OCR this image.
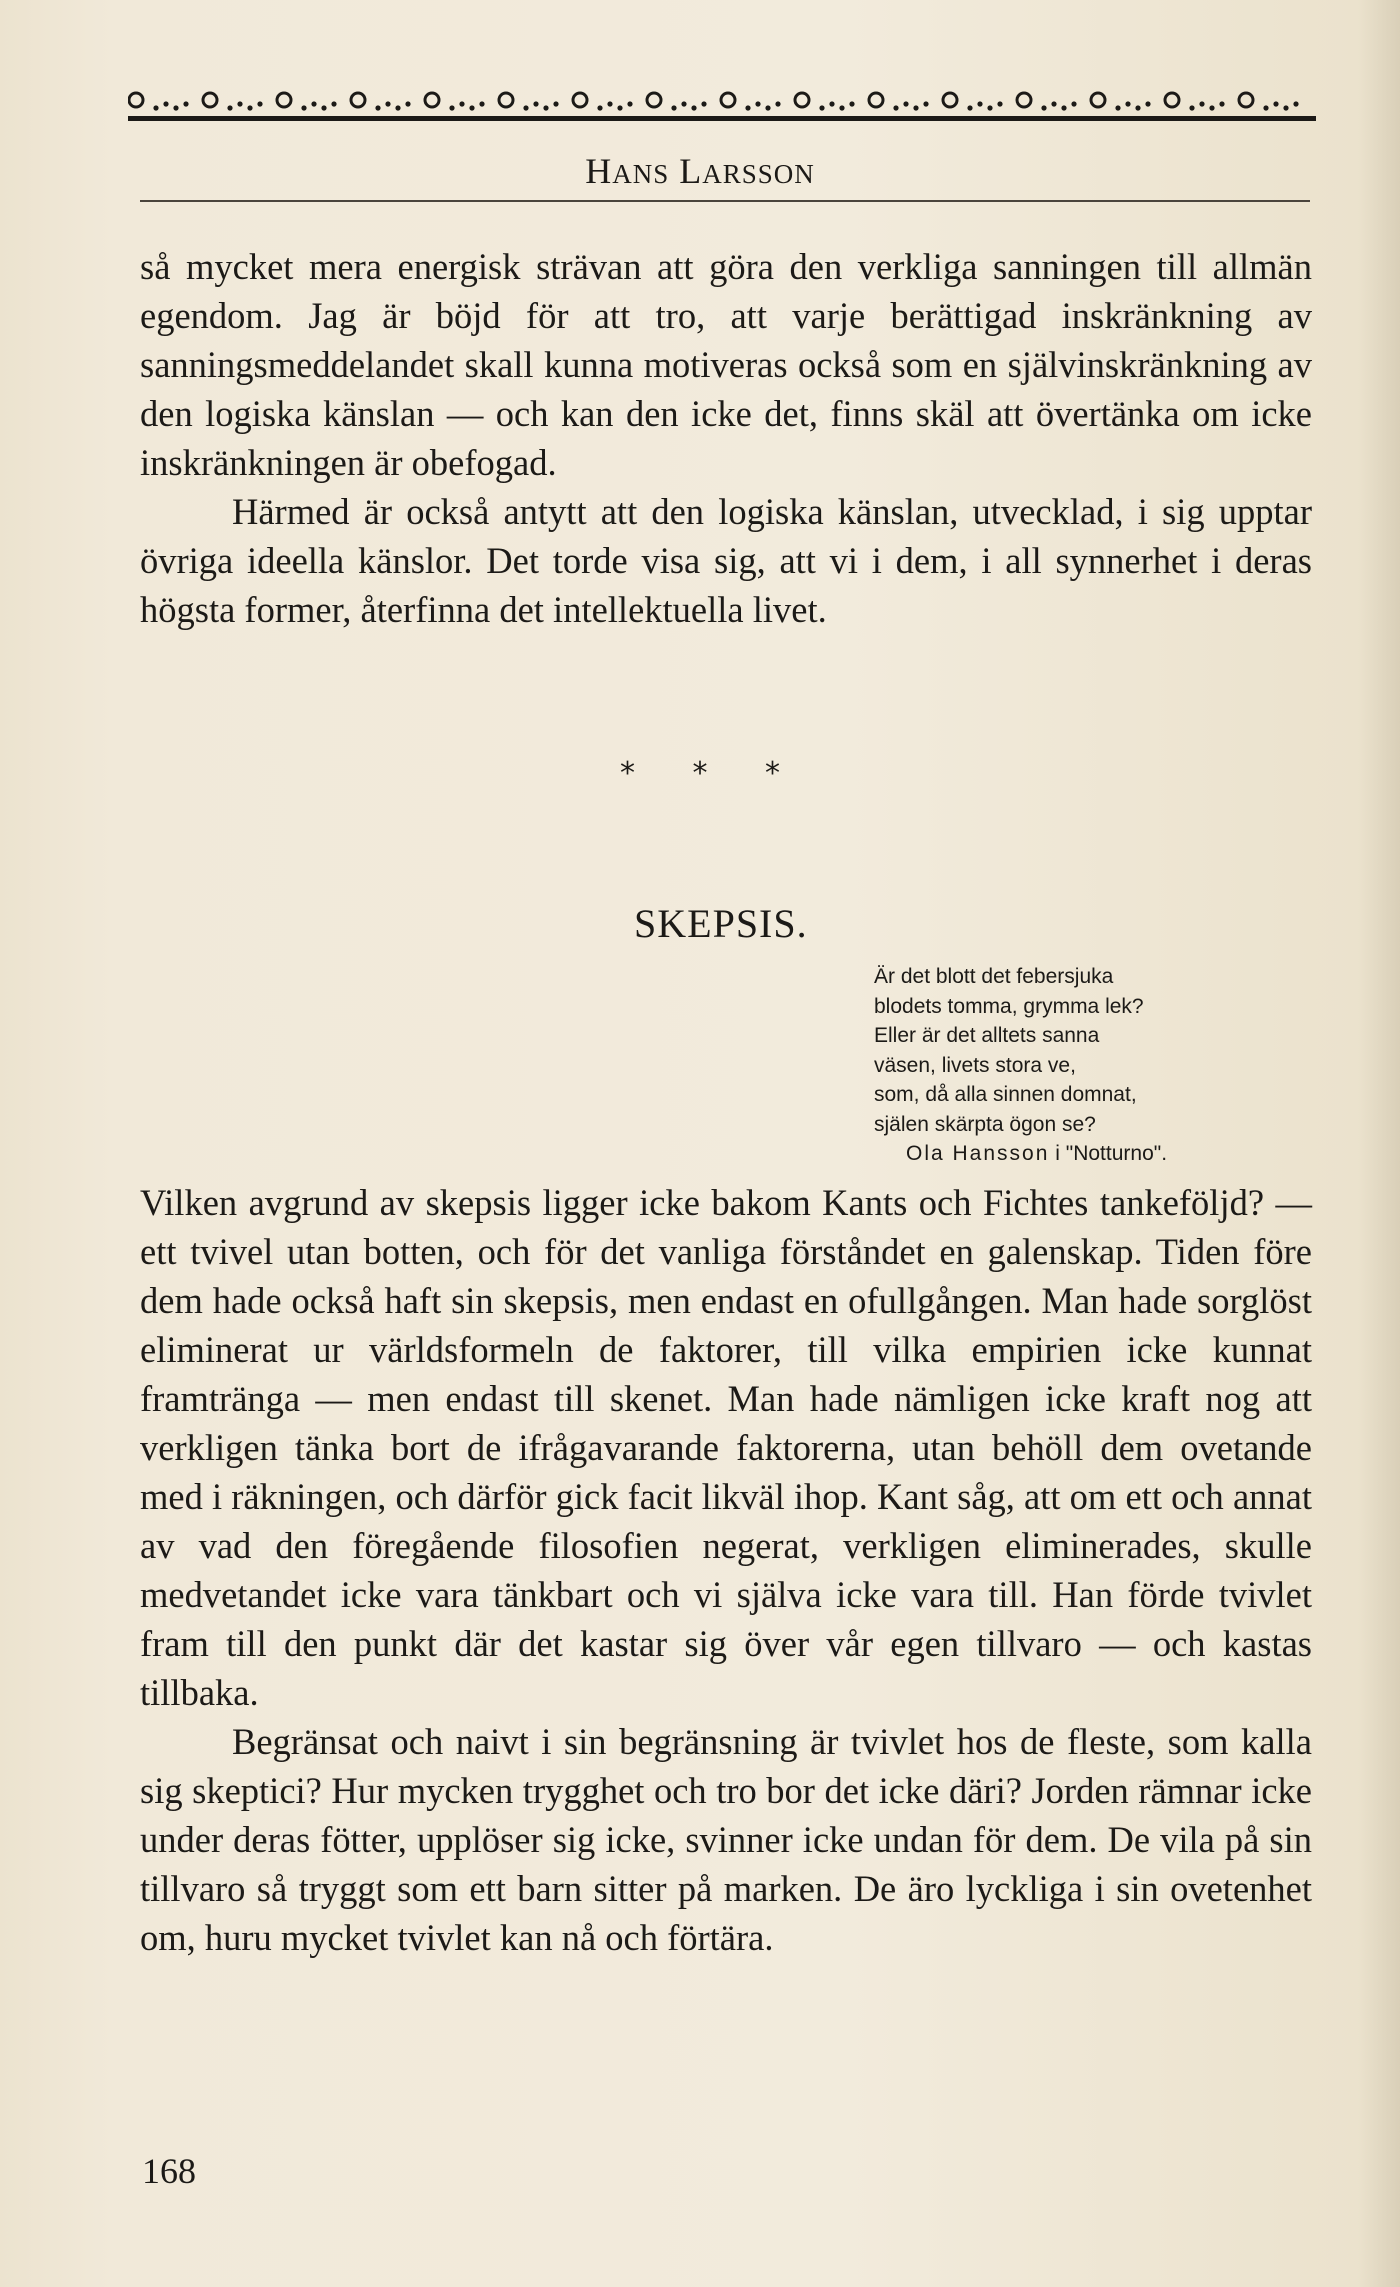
HANS LARSSON

så mycket mera energisk strävan att göra den verkliga sanningen till allmän egendom. Jag är böjd för att tro, att varje berättigad inskränkning av sanningsmeddelandet skall kunna motiveras också som en självinskränkning av den logiska känslan — och kan den icke det, finns skäl att övertänka om icke inskränkningen är obefogad.

Härmed är också antytt att den logiska känslan, utvecklad, i sig upptar övriga ideella känslor. Det torde visa sig, att vi i dem, i all synnerhet i deras högsta former, återfinna det intellektuella livet.

* * *
SKEPSIS.
Är det blott det febersjuka
blodets tomma, grymma lek?
Eller är det alltets sanna
väsen, livets stora ve,
som, då alla sinnen domnat,
själen skärpta ögon se?
Ola Hansson i "Notturno".

Vilken avgrund av skepsis ligger icke bakom Kants och Fichtes tankeföljd? — ett tvivel utan botten, och för det vanliga förståndet en galenskap. Tiden före dem hade också haft sin skepsis, men endast en ofullgången. Man hade sorglöst eliminerat ur världsformeln de faktorer, till vilka empirien icke kunnat framtränga — men endast till skenet. Man hade nämligen icke kraft nog att verkligen tänka bort de ifrågavarande faktorerna, utan behöll dem ovetande med i räkningen, och därför gick facit likväl ihop. Kant såg, att om ett och annat av vad den föregående filosofien negerat, verkligen eliminerades, skulle medvetandet icke vara tänkbart och vi själva icke vara till. Han förde tvivlet fram till den punkt där det kastar sig över vår egen tillvaro — och kastas tillbaka.

Begränsat och naivt i sin begränsning är tvivlet hos de fleste, som kalla sig skeptici? Hur mycken trygghet och tro bor det icke däri? Jorden rämnar icke under deras fötter, upplöser sig icke, svinner icke undan för dem. De vila på sin tillvaro så tryggt som ett barn sitter på marken. De äro lyckliga i sin ovetenhet om, huru mycket tvivlet kan nå och förtära.

168
